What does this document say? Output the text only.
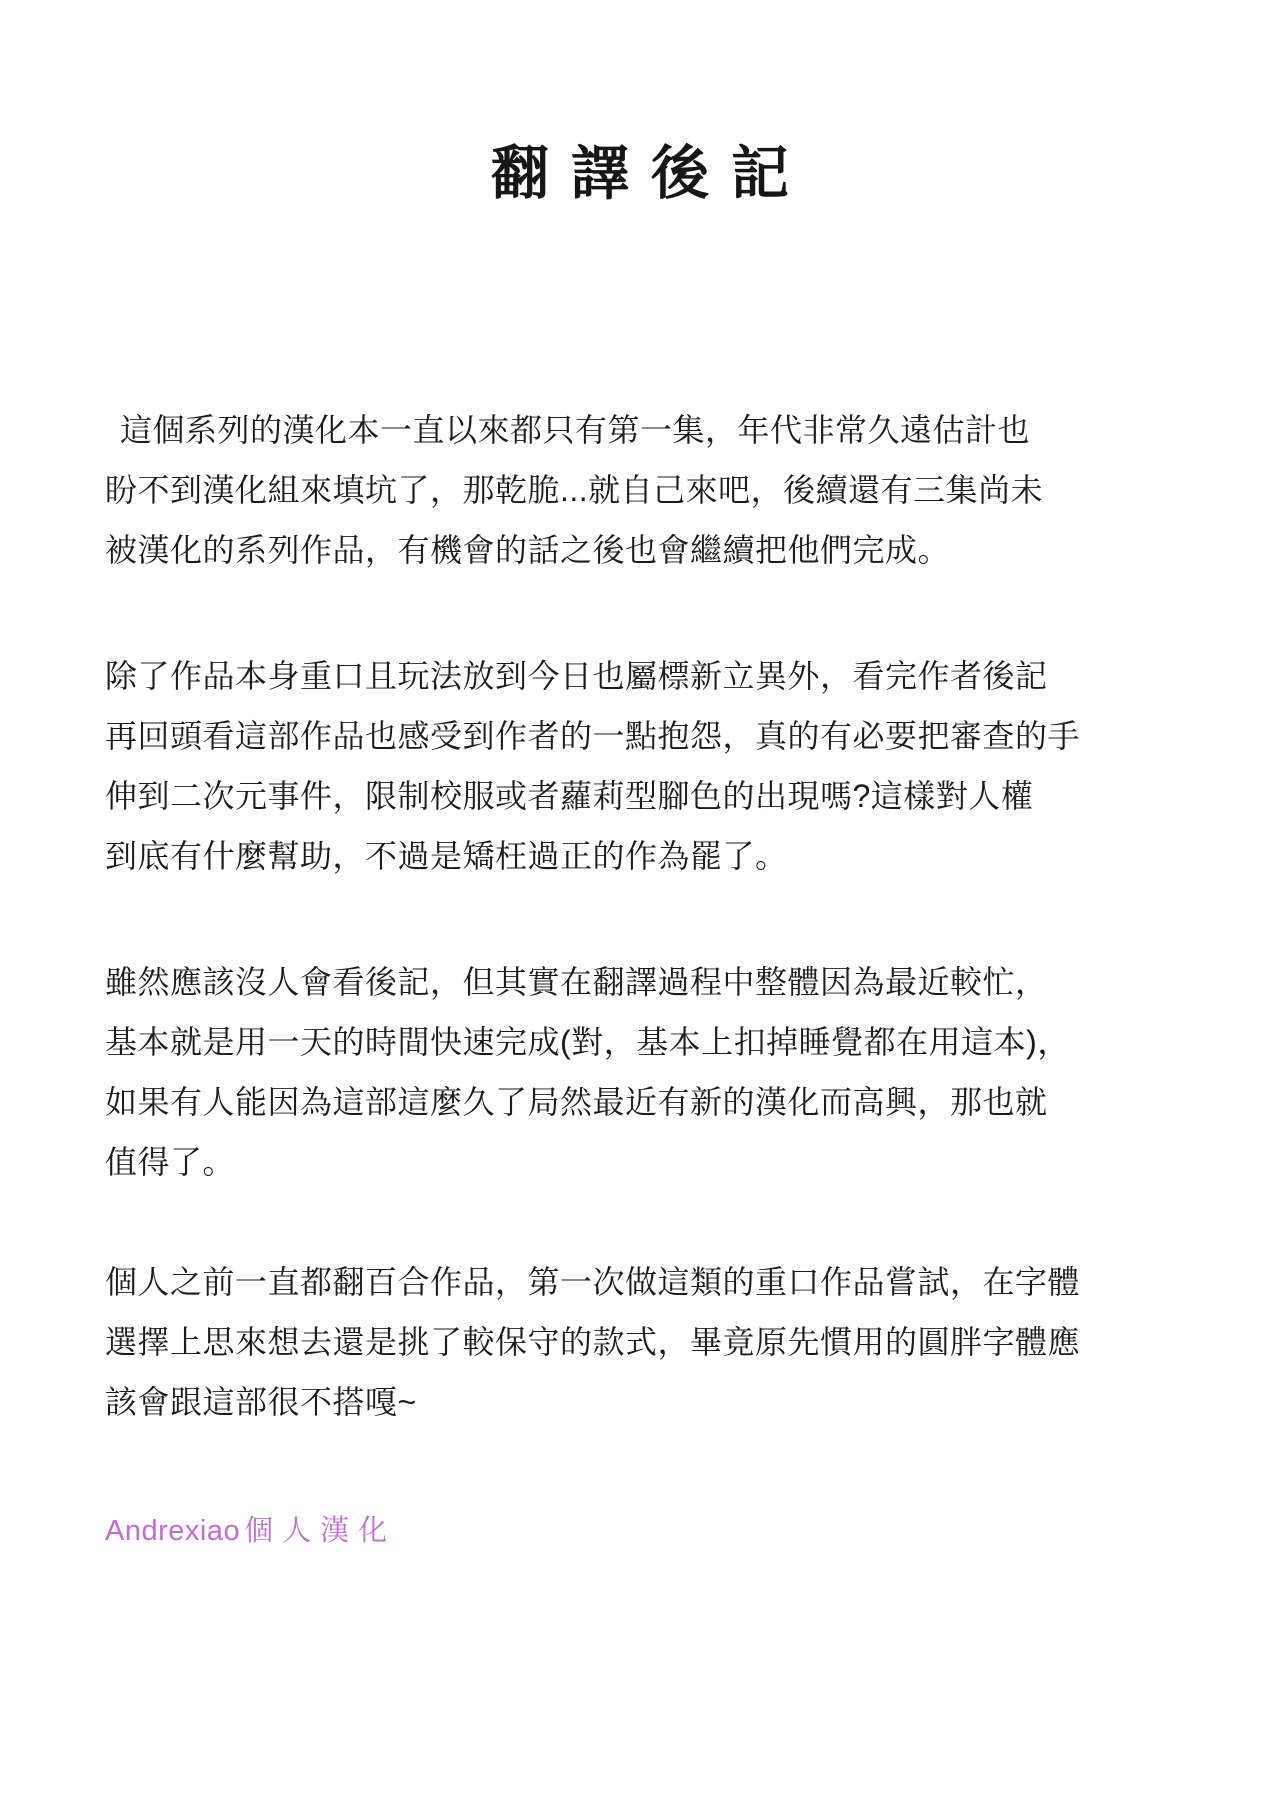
翻譯後記
這個系列的漢化本一直以來都只有第一集，年代非常久遠估計也
盼不到漢化組來填坑了，那乾脆...就自己來吧，後續還有三集尚未
被漢化的系列作品，有機會的話之後也會繼續把他們完成。
除了作品本身重口且玩法放到今日也屬標新立異外，看完作者後記
再回頭看這部作品也感受到作者的一點抱怨，真的有必要把審查的手
伸到二次元事件，限制校服或者蘿莉型腳色的出現嗎?這樣對人權
到底有什麼幫助，不過是矯枉過正的作為罷了。
雖然應該沒人會看後記，但其實在翻譯過程中整體因為最近較忙，
基本就是用一天的時間快速完成(對，基本上扣掉睡覺都在用這本)，
如果有人能因為這部這麼久了局然最近有新的漢化而高興，那也就
值得了。
個人之前一直都翻百合作品，第一次做這類的重口作品嘗試，在字體
選擇上思來想去還是挑了較保守的款式，畢竟原先慣用的圓胖字體應
該會跟這部很不搭嘎~
Andrexiao 個人漢化
